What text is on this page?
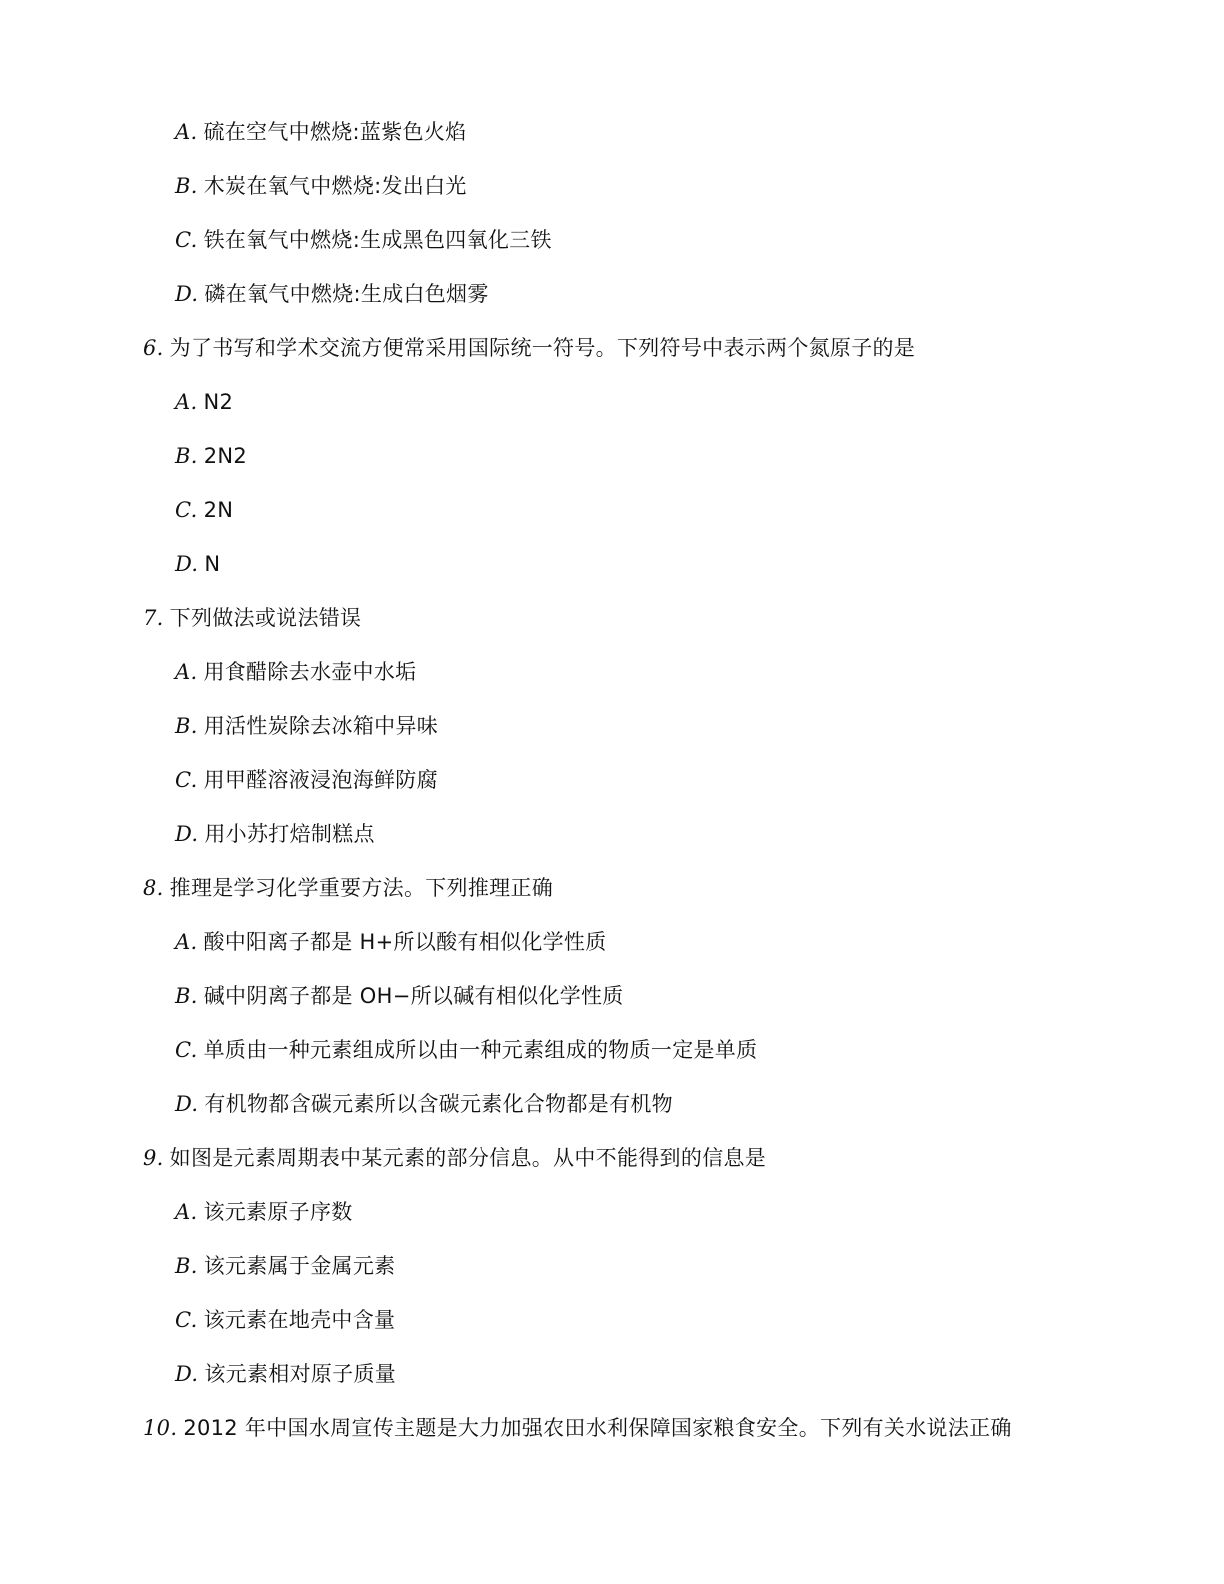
A. 硫在空气中燃烧:蓝紫色火焰
B. 木炭在氧气中燃烧:发出白光
C. 铁在氧气中燃烧:生成黑色四氧化三铁
D. 磷在氧气中燃烧:生成白色烟雾
6. 为了书写和学术交流方便常采用国际统一符号。下列符号中表示两个氮原子的是
A. N2
B. 2N2
C. 2N
D. N
7. 下列做法或说法错误
A. 用食醋除去水壶中水垢
B. 用活性炭除去冰箱中异味
C. 用甲醛溶液浸泡海鲜防腐
D. 用小苏打焙制糕点
8. 推理是学习化学重要方法。下列推理正确
A. 酸中阳离子都是 H+所以酸有相似化学性质
B. 碱中阴离子都是 OH−所以碱有相似化学性质
C. 单质由一种元素组成所以由一种元素组成的物质一定是单质
D. 有机物都含碳元素所以含碳元素化合物都是有机物
9. 如图是元素周期表中某元素的部分信息。从中不能得到的信息是
A. 该元素原子序数
B. 该元素属于金属元素
C. 该元素在地壳中含量
D. 该元素相对原子质量
10. 2012 年中国水周宣传主题是大力加强农田水利保障国家粮食安全。下列有关水说法正确
